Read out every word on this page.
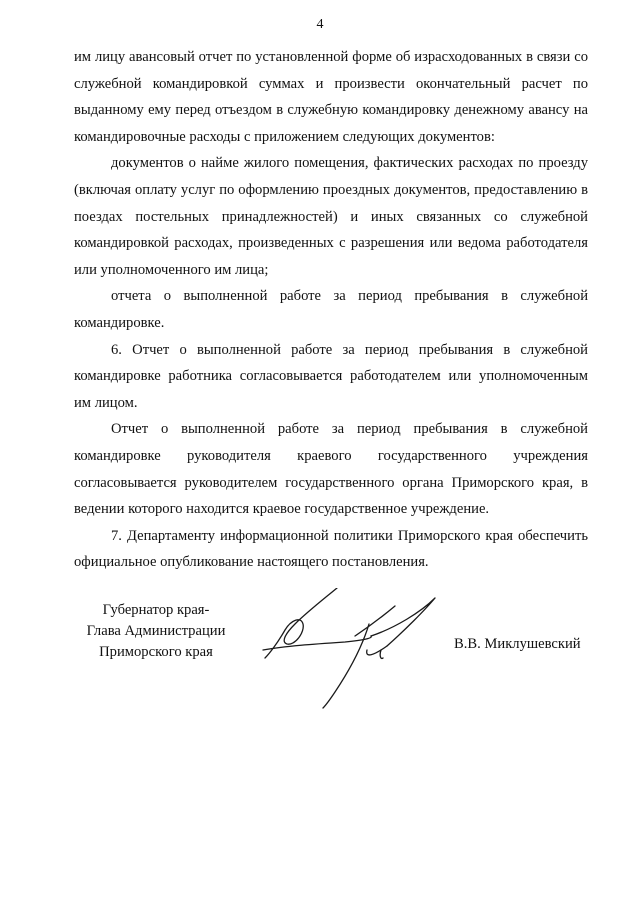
4

им лицу авансовый отчет по установленной форме об израсходованных в связи со служебной командировкой суммах и произвести окончательный расчет по выданному ему перед отъездом в служебную командировку денежному авансу на командировочные расходы с приложением следующих документов:

документов о найме жилого помещения, фактических расходах по проезду (включая оплату услуг по оформлению проездных документов, предоставлению в поездах постельных принадлежностей) и иных связанных со служебной командировкой расходах, произведенных с разрешения или ведома работодателя или уполномоченного им лица;

отчета о выполненной работе за период пребывания в служебной командировке.

6. Отчет о выполненной работе за период пребывания в служебной командировке работника согласовывается работодателем или уполномоченным им лицом.

Отчет о выполненной работе за период пребывания в служебной командировке руководителя краевого государственного учреждения согласовывается руководителем государственного органа Приморского края, в ведении которого находится краевое государственное учреждение.

7. Департаменту информационной политики Приморского края обеспечить официальное опубликование настоящего постановления.

Губернатор края-
Глава Администрации
Приморского края	В.В. Миклушевский
